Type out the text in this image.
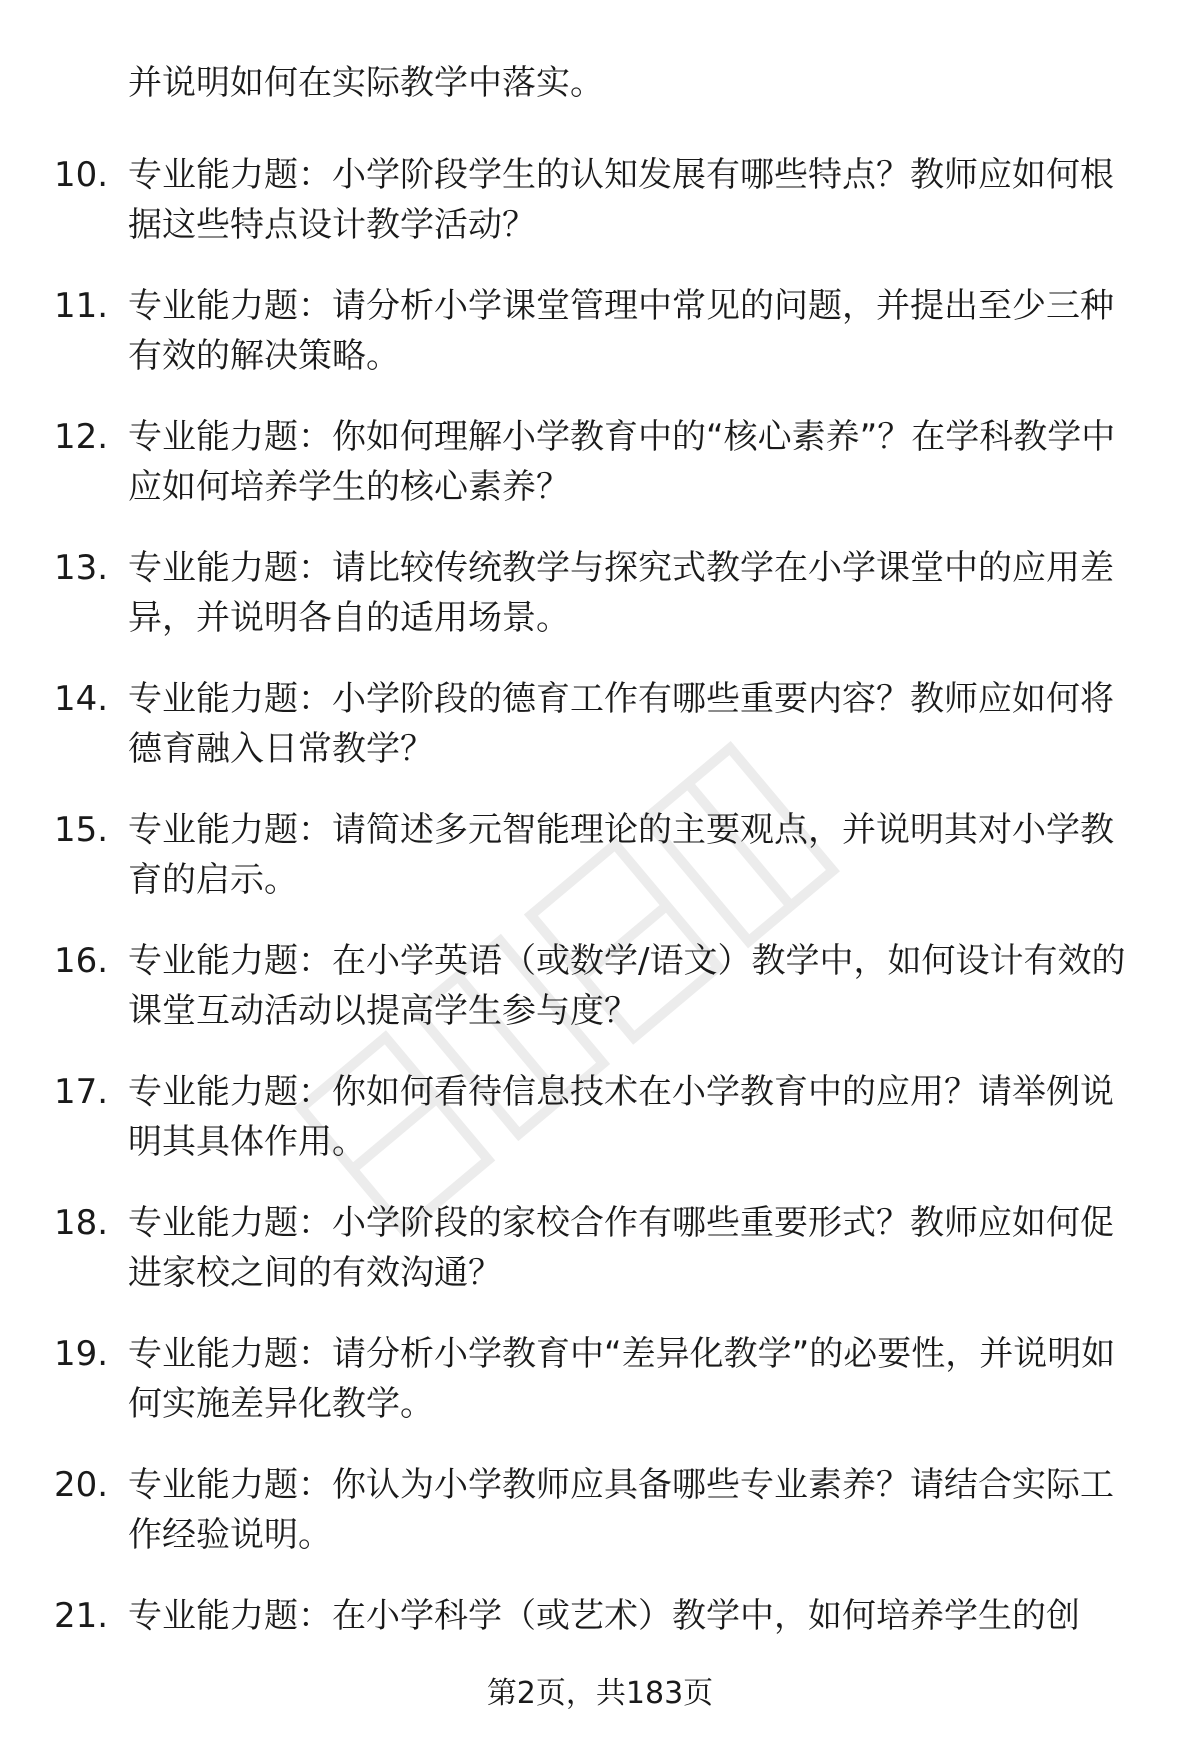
并说明如何在实际教学中落实。
10. 专业能力题：小学阶段学生的认知发展有哪些特点？教师应如何根据这些特点设计教学活动？
11. 专业能力题：请分析小学课堂管理中常见的问题，并提出至少三种有效的解决策略。
12. 专业能力题：你如何理解小学教育中的“核心素养”？在学科教学中应如何培养学生的核心素养？
13. 专业能力题：请比较传统教学与探究式教学在小学课堂中的应用差异，并说明各自的适用场景。
14. 专业能力题：小学阶段的德育工作有哪些重要内容？教师应如何将德育融入日常教学？
15. 专业能力题：请简述多元智能理论的主要观点，并说明其对小学教育的启示。
16. 专业能力题：在小学英语（或数学/语文）教学中，如何设计有效的课堂互动活动以提高学生参与度？
17. 专业能力题：你如何看待信息技术在小学教育中的应用？请举例说明其具体作用。
18. 专业能力题：小学阶段的家校合作有哪些重要形式？教师应如何促进家校之间的有效沟通？
19. 专业能力题：请分析小学教育中“差异化教学”的必要性，并说明如何实施差异化教学。
20. 专业能力题：你认为小学教师应具备哪些专业素养？请结合实际工作经验说明。
21. 专业能力题：在小学科学（或艺术）教学中，如何培养学生的创
第2页，共183页
